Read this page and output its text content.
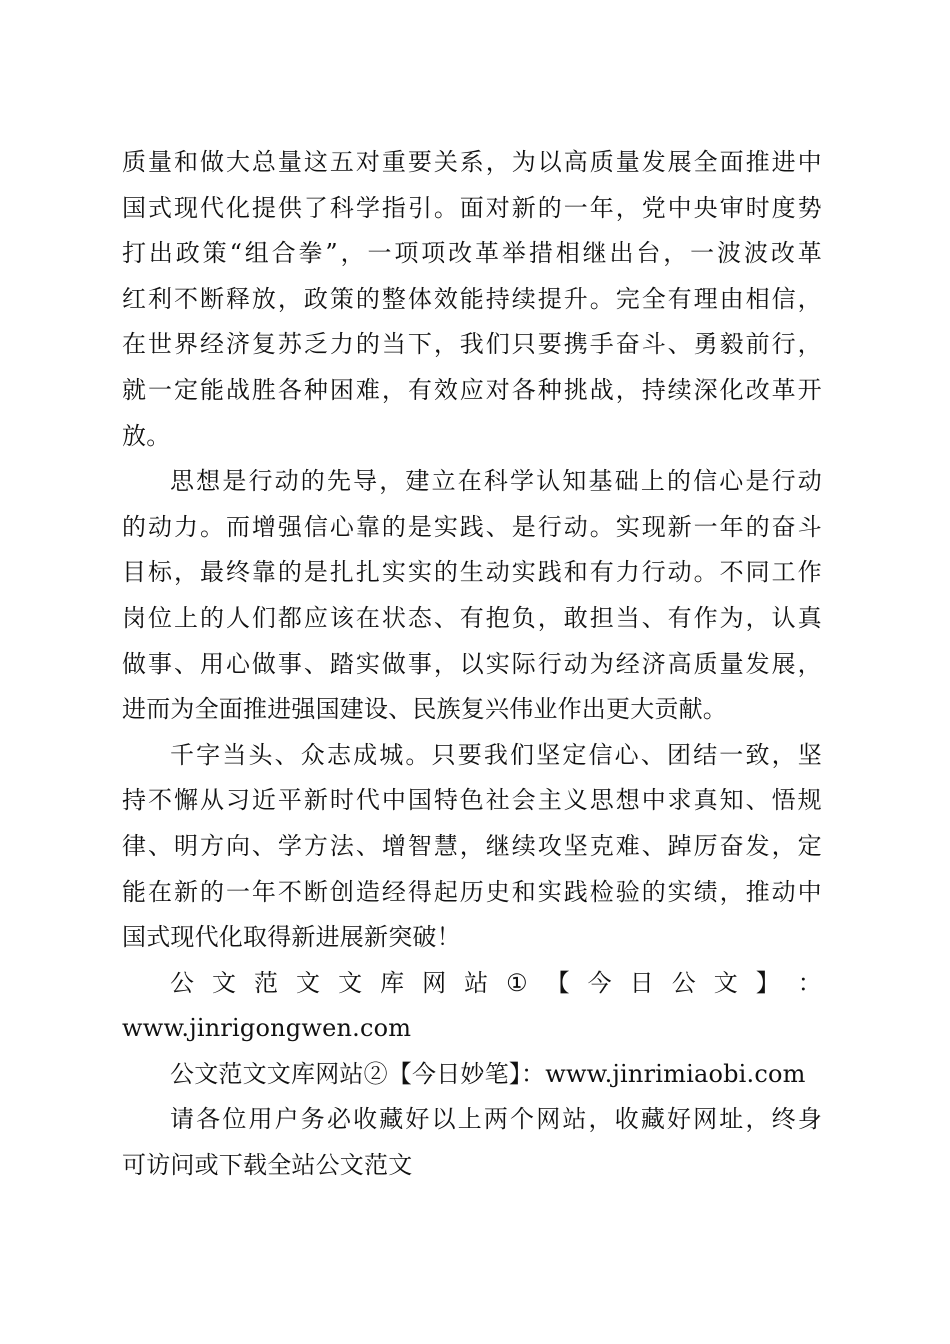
质 量 和 做 大 总 量 这 五 对 重 要 关 系 ， 为 以 高 质 量 发 展 全 面 推 进 中
国 式 现 代 化 提 供 了 科 学 指 引 。 面 对 新 的 一 年 ， 党 中 央 审 时 度 势
打 出 政 策 “ 组 合 拳 ” ， 一 项 项 改 革 举 措 相 继 出 台 ， 一 波 波 改 革
红 利 不 断 释 放 ， 政 策 的 整 体 效 能 持 续 提 升 。 完 全 有 理 由 相 信 ，
在 世 界 经 济 复 苏 乏 力 的 当 下 ， 我 们 只 要 携 手 奋 斗 、 勇 毅 前 行 ，
就 一 定 能 战 胜 各 种 困 难 ， 有 效 应 对 各 种 挑 战 ， 持 续 深 化 改 革 开
放。
思 想 是 行 动 的 先 导 ， 建 立 在 科 学 认 知 基 础 上 的 信 心 是 行 动
的 动 力 。 而 增 强 信 心 靠 的 是 实 践 、 是 行 动 。 实 现 新 一 年 的 奋 斗
目 标 ， 最 终 靠 的 是 扎 扎 实 实 的 生 动 实 践 和 有 力 行 动 。 不 同 工 作
岗 位 上 的 人 们 都 应 该 在 状 态 、 有 抱 负 ， 敢 担 当 、 有 作 为 ， 认 真
做 事 、 用 心 做 事 、 踏 实 做 事 ， 以 实 际 行 动 为 经 济 高 质 量 发 展 ，
进而为全面推进强国建设、民族复兴伟业作出更大贡献。
千 字 当 头 、 众 志 成 城 。 只 要 我 们 坚 定 信 心 、 团 结 一 致 ， 坚
持 不 懈 从 习 近 平 新 时 代 中 国 特 色 社 会 主 义 思 想 中 求 真 知 、 悟 规
律 、 明 方 向 、 学 方 法 、 增 智 慧 ， 继 续 攻 坚 克 难 、 踔 厉 奋 发 ， 定
能 在 新 的 一 年 不 断 创 造 经 得 起 历 史 和 实 践 检 验 的 实 绩 ， 推 动 中
国式现代化取得新进展新突破！
公 文 范 文 文 库 网 站 ① 【 今 日 公 文 】 ：
www.jinrigongwen.com
公文范文文库网站②【今日妙笔】：www.jinrimiaobi.com
请 各 位 用 户 务 必 收 藏 好 以 上 两 个 网 站 ， 收 藏 好 网 址 ， 终 身
可访问或下载全站公文范文
